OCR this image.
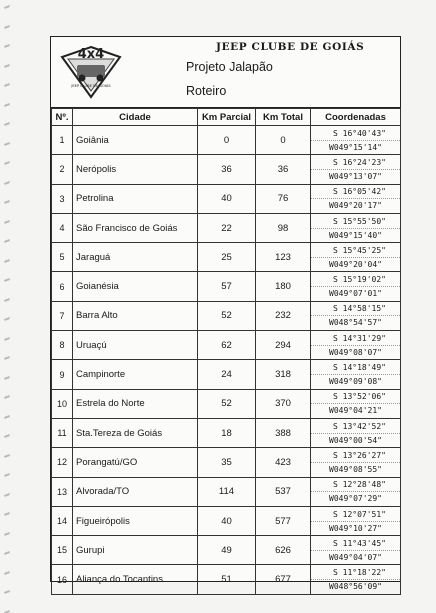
4x4
JEEP CLUBE DE GOIÁS
JEEP CLUBE DE GOIÁS
Projeto Jalapão
Roteiro
Nº.	Cidade	Km Parcial	Km Total	Coordenadas
1	Goiânia	0	0	S 16°40'43"
W049°15'14"

2	Nerópolis	36	36	S 16°24'23"
W049°13'07"

3	Petrolina	40	76	S 16°05'42"
W049°20'17"

4	São Francisco de Goiás	22	98	S 15°55'50"
W049°15'40"

5	Jaraguá	25	123	S 15°45'25"
W049°20'04"

6	Goianésia	57	180	S 15°19'02"
W049°07'01"

7	Barra Alto	52	232	S 14°58'15"
W048°54'57"

8	Uruaçú	62	294	S 14°31'29"
W049°08'07"

9	Campinorte	24	318	S 14°18'49"
W049°09'08"

10	Estrela do Norte	52	370	S 13°52'06"
W049°04'21"

11	Sta.Tereza de Goiás	18	388	S 13°42'52"
W049°00'54"

12	Porangatú/GO	35	423	S 13°26'27"
W049°08'55"

13	Alvorada/TO	114	537	S 12°28'48"
W049°07'29"

14	Figueirópolis	40	577	S 12°07'51"
W049°10'27"

15	Gurupi	49	626	S 11°43'45"
W049°04'07"

16	Aliança do Tocantins	51	677	S 11°18'22"
W048°56'09"
